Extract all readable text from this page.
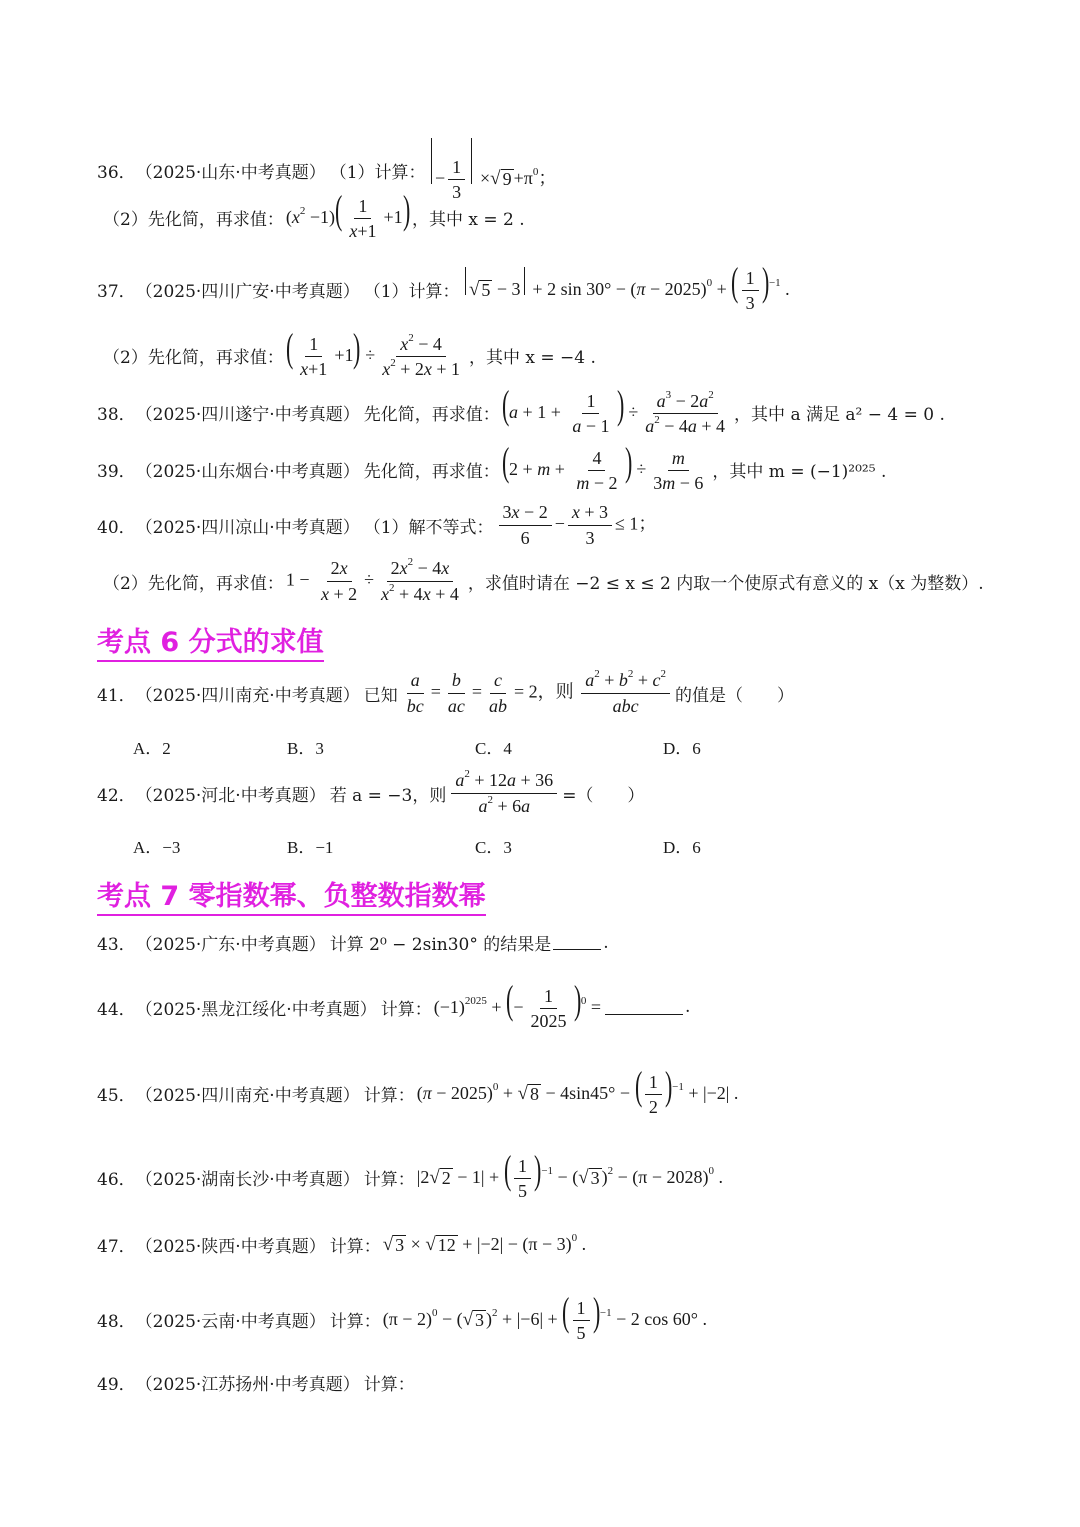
36． （2025·山东·中考真题） （1）计算： − $\frac{1}{3}$ × √ $9 +\pi^0$；
（2）先化简，再求值： $(x^2 -1)( \frac{1}{x+1} +1)$ ，其中 x = 2 .
37． （2025·四川广安·中考真题） （1）计算： √ 5 − 3 + 2 $\sin 30^\circ - (\pi - 2025)^0$ + ( $\frac{1}{3} )^{-1}$ .
（2）先化简，再求值： ( $\frac{1}{x+1} +1) \div \frac{x^2 - 4}{x^2 + 2x + 1}$ ，其中 x = −4 .
38． （2025·四川遂宁·中考真题） 先化简，再求值： ($a + 1 + \frac{1}{a - 1}$ ) ÷ $\frac{a^3 - 2a^2}{a^2 - 4a + 4}$ ，其中 a 满足 a² − 4 = 0 .
39． （2025·山东烟台·中考真题） 先化简，再求值： ($2 + m + \frac{4}{m - 2}$ ) ÷ $\frac{m}{3m - 6}$ ，其中 m = (−1)²⁰²⁵ .
40． （2025·四川凉山·中考真题） （1）解不等式： $\frac{3x - 2}{6} - \frac{x + 3}{3} \le 1$；
（2）先化简，再求值： $1 - \frac{2x}{x + 2} \div \frac{2x^2 - 4x}{x^2 + 4x + 4}$ ，求值时请在 −2 ≤ x ≤ 2 内取一个使原式有意义的 x（x 为整数）.
考点 6 分式的求值
41． （2025·四川南充·中考真题） 已知 $\frac{a}{bc} = \frac{b}{ac} = \frac{c}{ab} = 2$，则 $\frac{a^2 + b^2 + c^2}{\text{abc}}$ 的值是（　　）
A．2	B．3	C．4	D．6
42． （2025·河北·中考真题） 若 a = −3，则 $\frac{a^2 + 12a + 36}{a^2 + 6a}$ =（　　）
A．−3	B．−1	C．3	D．6
考点 7 零指数幂、负整数指数幂
43． （2025·广东·中考真题） 计算 2⁰ − 2sin30° 的结果是	.
44． （2025·黑龙江绥化·中考真题） 计算： $(-1)^{2025}$ + (− $\frac{1}{2025} )^0$ =	.
45． （2025·四川南充·中考真题） 计算： $(\pi - 2025)^0$ + √ 8 − 4sin45° − ( $\frac{1}{2} )^{-1} + |-2|$ .
46． （2025·湖南长沙·中考真题） 计算： |2 √ 2 − 1| + ( $\frac{1}{5} )^{-1}$ − ( √ 3 )$^2 - (\pi - 2028)^0$ .
47． （2025·陕西·中考真题） 计算： √ 3 × √ $12 + |-2| - (\pi - 3)^0$ .
48． （2025·云南·中考真题） 计算： $(\pi - 2)^0$ − ( √ 3 )$^2$ + |−6| + ( $\frac{1}{5} )^{-1} - 2$ cos 60° .
49． （2025·江苏扬州·中考真题） 计算：
